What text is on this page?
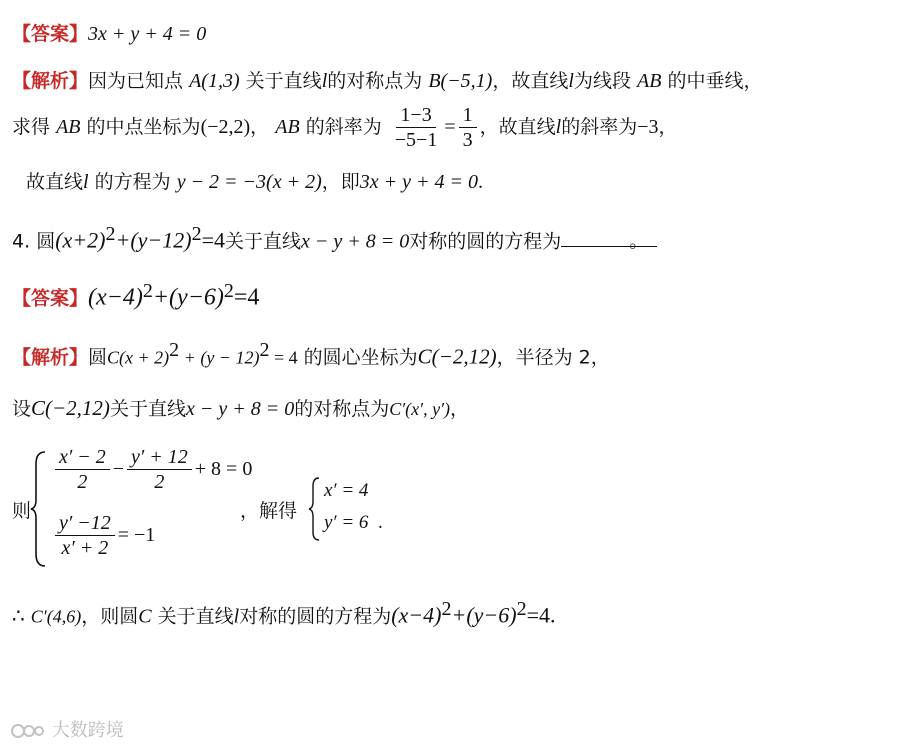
【答案】3x + y + 4 = 0
【解析】因为已知点 A(1,3) 关于直线l的对称点为 B(−5,1)，故直线l为线段 AB 的中垂线，
求得 AB 的中点坐标为(−2,2)， AB 的斜率为 $\frac{1-3}{-5-1} = \frac{1}{3}$ ，故直线l的斜率为−3，
故直线l 的方程为 y − 2 = −3(x + 2)，即3x + y + 4 = 0.
4. 圆$(x+2)^2+(y-12)^2=4$关于直线x − y + 8 = 0对称的圆的方程为	。
【答案】$(x-4)^2+(y-6)^2=4$
【解析】圆$C(x + 2)^2 + (y - 12)^2 = 4$ 的圆心坐标为C(−2,12)，半径为 2，
设C(−2,12)关于直线x − y + 8 = 0的对称点为C′(x′, y′)，
则
$\frac{x' - 2}{2} - \frac{y' + 12}{2} + 8 = 0$
$\frac{y' -12}{x' + 2} = -1$
，解得
x′ = 4
y′ = 6 .
∴ C′(4,6)，则圆C 关于直线l对称的圆的方程为$(x-4)^2+(y-6)^2=4$.
大数跨境
